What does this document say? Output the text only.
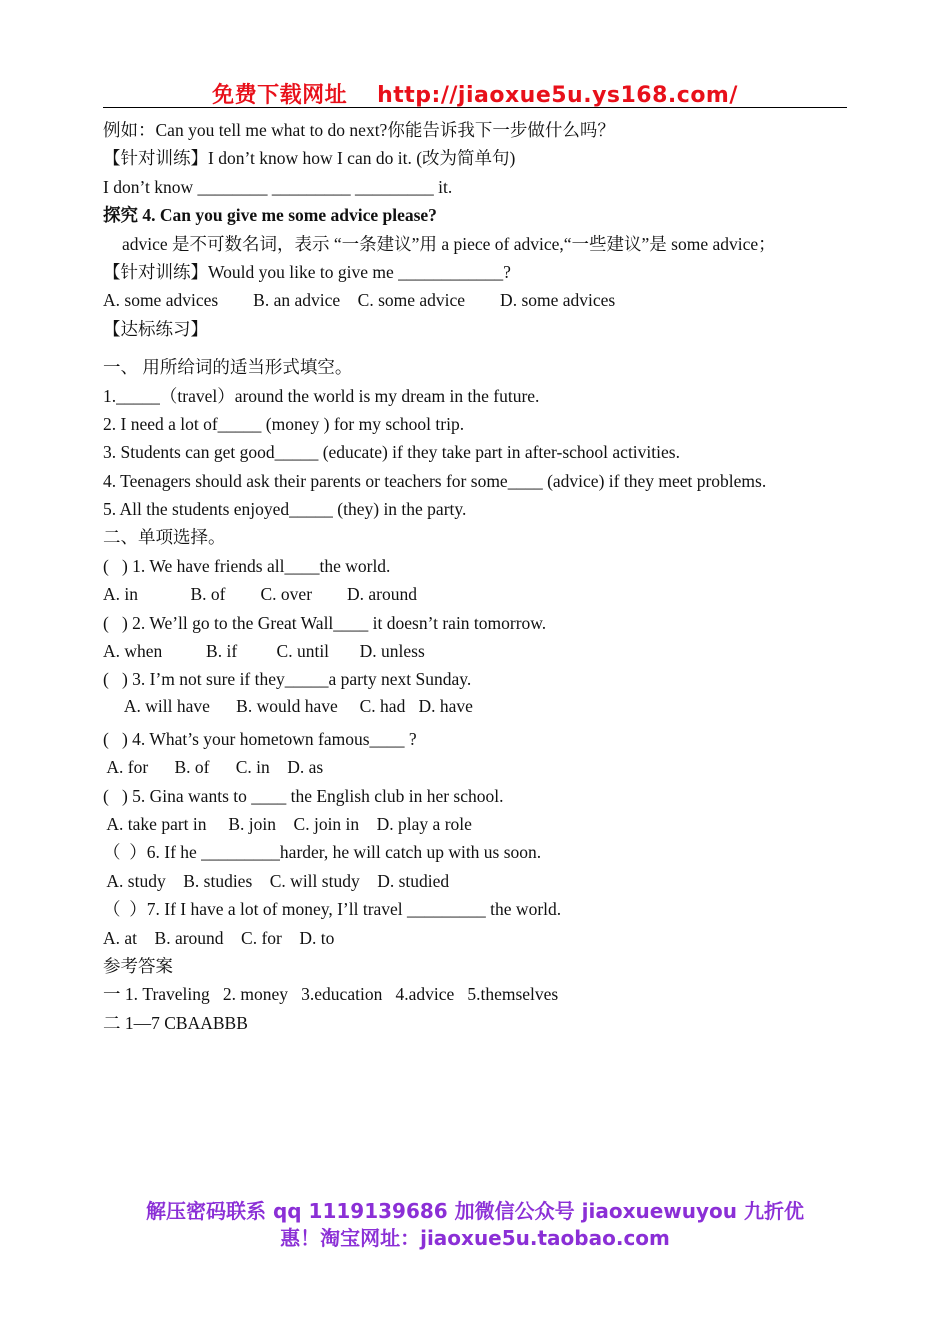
免费下载网址 http://jiaoxue5u.ys168.com/
例如：Can you tell me what to do next?你能告诉我下一步做什么吗？
【针对训练】I don’t know how I can do it. (改为简单句)
I don’t know ________ _________ _________ it.
探究 4. Can you give me some advice please?
advice 是不可数名词，表示 “一条建议”用 a piece of advice,“一些建议”是 some advice；
【针对训练】Would you like to give me ____________?
A. some advices        B. an advice    C. some advice        D. some advices
【达标练习】
一、 用所给词的适当形式填空。
1._____（travel）around the world is my dream in the future.
2. I need a lot of_____ (money ) for my school trip.
3. Students can get good_____ (educate) if they take part in after-school activities.
4. Teenagers should ask their parents or teachers for some____ (advice) if they meet problems.
5. All the students enjoyed_____ (they) in the party.
二、单项选择。
(   ) 1. We have friends all____the world.
A. in            B. of        C. over        D. around
(   ) 2. We’ll go to the Great Wall____ it doesn’t rain tomorrow.
A. when          B. if         C. until       D. unless
(   ) 3. I’m not sure if they_____a party next Sunday.
A. will have      B. would have     C. had   D. have
(   ) 4. What’s your hometown famous____ ?
A. for      B. of      C. in    D. as
(   ) 5. Gina wants to ____ the English club in her school.
A. take part in     B. join    C. join in    D. play a role
（  ）6. If he _________harder, he will catch up with us soon.
A. study    B. studies    C. will study    D. studied
（  ）7. If I have a lot of money, I’ll travel _________ the world.
A. at    B. around    C. for    D. to
参考答案
一 1. Traveling   2. money   3.education   4.advice   5.themselves
二 1—7 CBAABBB
解压密码联系 qq 1119139686 加微信公众号 jiaoxuewuyou 九折优
惠！淘宝网址：jiaoxue5u.taobao.com
